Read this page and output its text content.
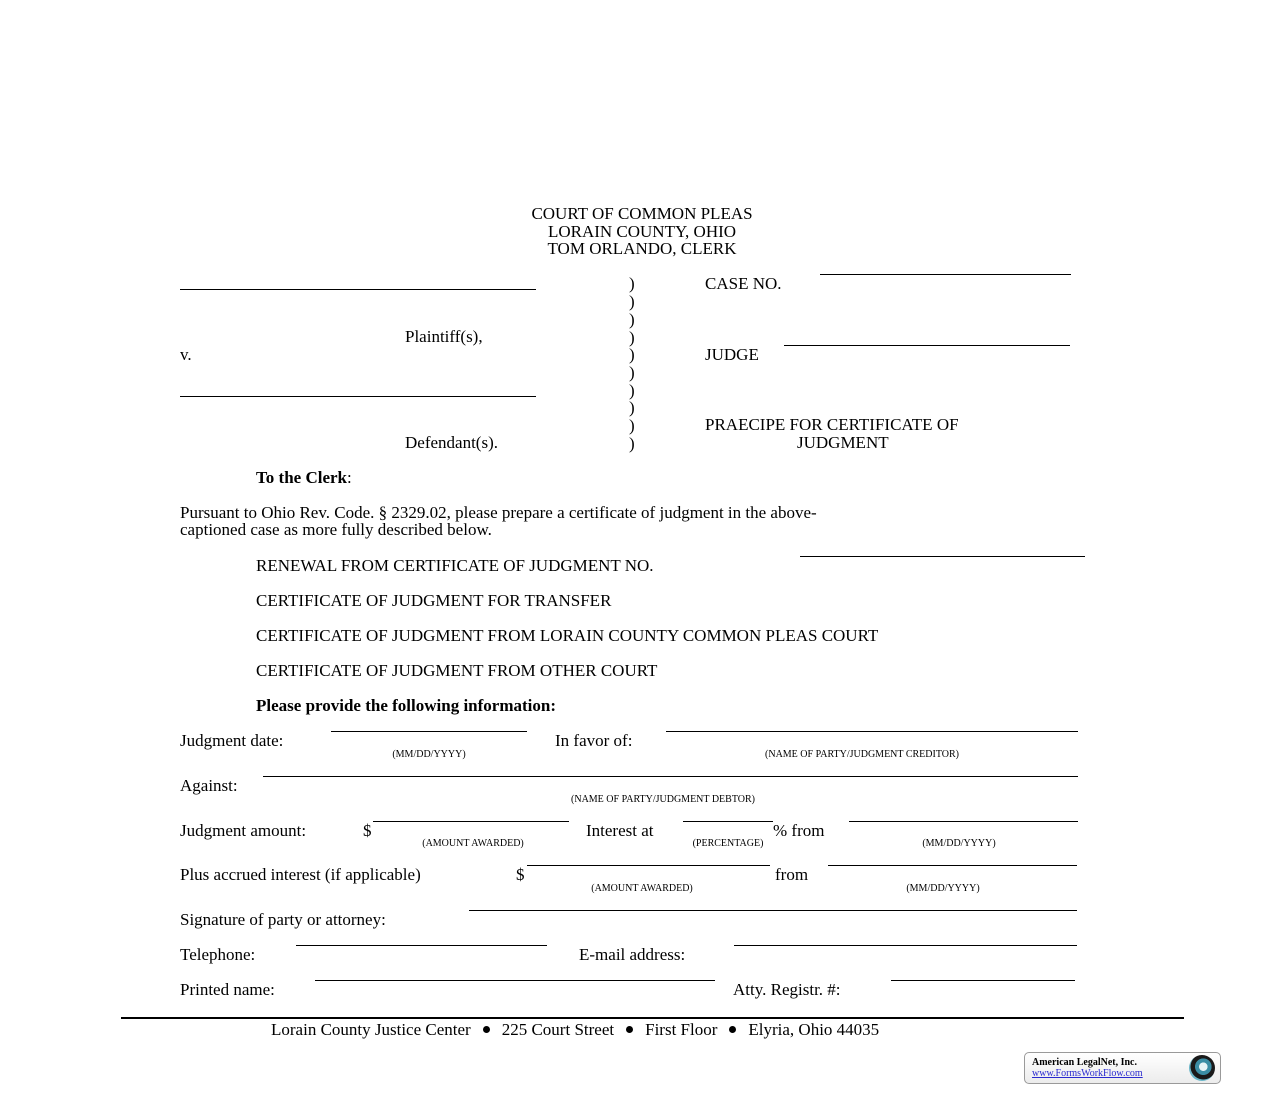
COURT OF COMMON PLEAS
LORAIN COUNTY, OHIO
TOM ORLANDO, CLERK
Plaintiff(s),
v.
Defendant(s).
)
)
)
)
)
)
)
)
)
)
CASE NO.
JUDGE
PRAECIPE FOR CERTIFICATE OF
JUDGMENT
To the Clerk:
Pursuant to Ohio Rev. Code. § 2329.02, please prepare a certificate of judgment in the above-
captioned case as more fully described below.
RENEWAL FROM CERTIFICATE OF JUDGMENT NO.
CERTIFICATE OF JUDGMENT FOR TRANSFER
CERTIFICATE OF JUDGMENT FROM LORAIN COUNTY COMMON PLEAS COURT
CERTIFICATE OF JUDGMENT FROM OTHER COURT
Please provide the following information:
Judgment date:
(MM/DD/YYYY)
In favor of:
(NAME OF PARTY/JUDGMENT CREDITOR)
Against:
(NAME OF PARTY/JUDGMENT DEBTOR)
Judgment amount:	$
(AMOUNT AWARDED)
Interest at
(PERCENTAGE)
% from
(MM/DD/YYYY)
Plus accrued interest (if applicable)	$
(AMOUNT AWARDED)
from
(MM/DD/YYYY)
Signature of party or attorney:
Telephone:	E-mail address:
Printed name:	Atty. Registr. #:
Lorain County Justice Center 225 Court Street First Floor Elyria, Ohio 44035
American LegalNet, Inc.
www.FormsWorkFlow.com
